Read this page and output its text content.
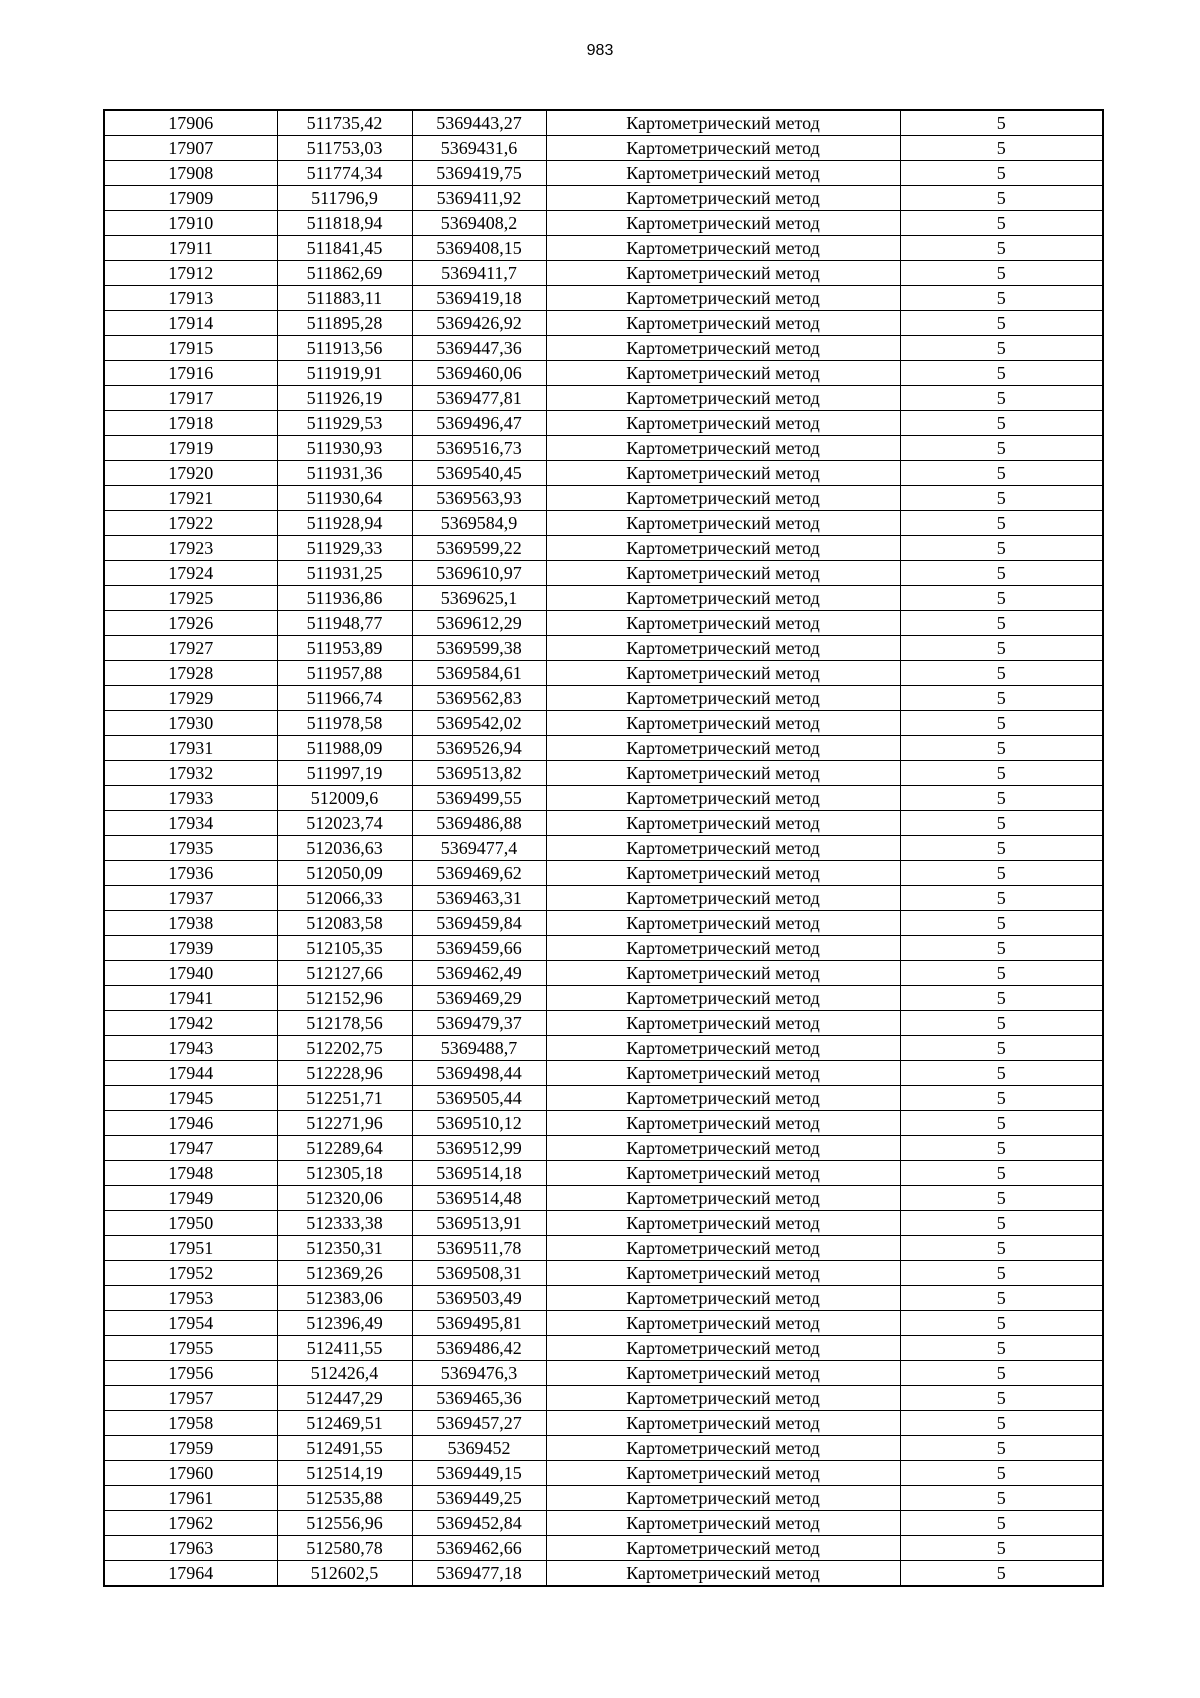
983
17906	511735,42	5369443,27	Картометрический метод	5
17907	511753,03	5369431,6	Картометрический метод	5
17908	511774,34	5369419,75	Картометрический метод	5
17909	511796,9	5369411,92	Картометрический метод	5
17910	511818,94	5369408,2	Картометрический метод	5
17911	511841,45	5369408,15	Картометрический метод	5
17912	511862,69	5369411,7	Картометрический метод	5
17913	511883,11	5369419,18	Картометрический метод	5
17914	511895,28	5369426,92	Картометрический метод	5
17915	511913,56	5369447,36	Картометрический метод	5
17916	511919,91	5369460,06	Картометрический метод	5
17917	511926,19	5369477,81	Картометрический метод	5
17918	511929,53	5369496,47	Картометрический метод	5
17919	511930,93	5369516,73	Картометрический метод	5
17920	511931,36	5369540,45	Картометрический метод	5
17921	511930,64	5369563,93	Картометрический метод	5
17922	511928,94	5369584,9	Картометрический метод	5
17923	511929,33	5369599,22	Картометрический метод	5
17924	511931,25	5369610,97	Картометрический метод	5
17925	511936,86	5369625,1	Картометрический метод	5
17926	511948,77	5369612,29	Картометрический метод	5
17927	511953,89	5369599,38	Картометрический метод	5
17928	511957,88	5369584,61	Картометрический метод	5
17929	511966,74	5369562,83	Картометрический метод	5
17930	511978,58	5369542,02	Картометрический метод	5
17931	511988,09	5369526,94	Картометрический метод	5
17932	511997,19	5369513,82	Картометрический метод	5
17933	512009,6	5369499,55	Картометрический метод	5
17934	512023,74	5369486,88	Картометрический метод	5
17935	512036,63	5369477,4	Картометрический метод	5
17936	512050,09	5369469,62	Картометрический метод	5
17937	512066,33	5369463,31	Картометрический метод	5
17938	512083,58	5369459,84	Картометрический метод	5
17939	512105,35	5369459,66	Картометрический метод	5
17940	512127,66	5369462,49	Картометрический метод	5
17941	512152,96	5369469,29	Картометрический метод	5
17942	512178,56	5369479,37	Картометрический метод	5
17943	512202,75	5369488,7	Картометрический метод	5
17944	512228,96	5369498,44	Картометрический метод	5
17945	512251,71	5369505,44	Картометрический метод	5
17946	512271,96	5369510,12	Картометрический метод	5
17947	512289,64	5369512,99	Картометрический метод	5
17948	512305,18	5369514,18	Картометрический метод	5
17949	512320,06	5369514,48	Картометрический метод	5
17950	512333,38	5369513,91	Картометрический метод	5
17951	512350,31	5369511,78	Картометрический метод	5
17952	512369,26	5369508,31	Картометрический метод	5
17953	512383,06	5369503,49	Картометрический метод	5
17954	512396,49	5369495,81	Картометрический метод	5
17955	512411,55	5369486,42	Картометрический метод	5
17956	512426,4	5369476,3	Картометрический метод	5
17957	512447,29	5369465,36	Картометрический метод	5
17958	512469,51	5369457,27	Картометрический метод	5
17959	512491,55	5369452	Картометрический метод	5
17960	512514,19	5369449,15	Картометрический метод	5
17961	512535,88	5369449,25	Картометрический метод	5
17962	512556,96	5369452,84	Картометрический метод	5
17963	512580,78	5369462,66	Картометрический метод	5
17964	512602,5	5369477,18	Картометрический метод	5
